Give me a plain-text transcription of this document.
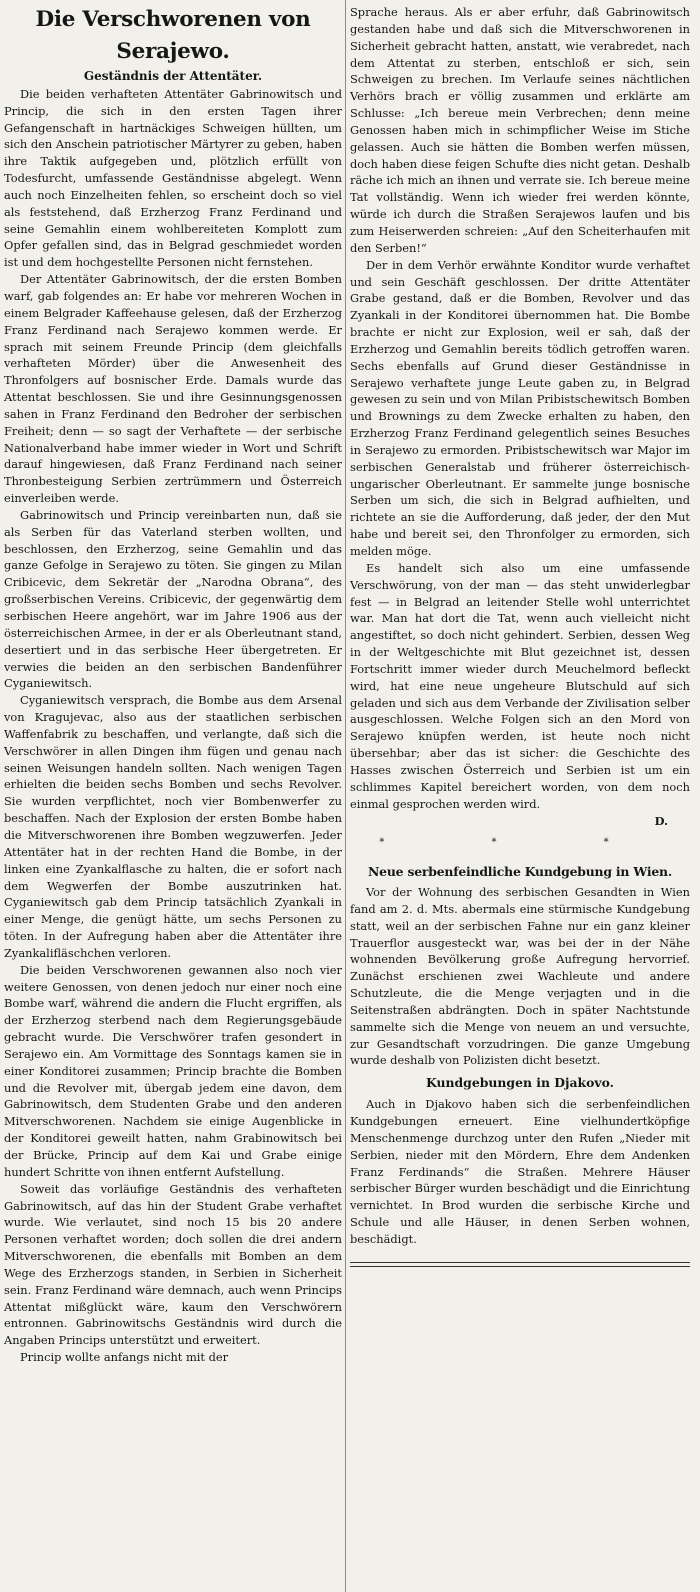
Die Verschworenen von Serajewo.
Geständnis der Attentäter.

Die beiden verhafteten Attentäter Gabrinowitsch und Princip, die sich in den ersten Tagen ihrer Gefangenschaft in hartnäckiges Schweigen hüllten, um sich den Anschein patriotischer Märtyrer zu geben, haben ihre Taktik aufgegeben und, plötzlich erfüllt von Todesfurcht, umfassende Geständnisse abgelegt. Wenn auch noch Einzelheiten fehlen, so erscheint doch so viel als feststehend, daß Erzherzog Franz Ferdinand und seine Gemahlin einem wohlbereiteten Komplott zum Opfer gefallen sind, das in Belgrad geschmiedet worden ist und dem hochgestellte Personen nicht fernstehen.

Der Attentäter Gabrinowitsch, der die ersten Bomben warf, gab folgendes an: Er habe vor mehreren Wochen in einem Belgrader Kaffeehause gelesen, daß der Erzherzog Franz Ferdinand nach Serajewo kommen werde. Er sprach mit seinem Freunde Princip (dem gleichfalls verhafteten Mörder) über die Anwesenheit des Thronfolgers auf bosnischer Erde. Damals wurde das Attentat beschlossen. Sie und ihre Gesinnungsgenossen sahen in Franz Ferdinand den Bedroher der serbischen Freiheit; denn — so sagt der Verhaftete — der serbische Nationalverband habe immer wieder in Wort und Schrift darauf hingewiesen, daß Franz Ferdinand nach seiner Thronbesteigung Serbien zertrümmern und Österreich einverleiben werde.

Gabrinowitsch und Princip vereinbarten nun, daß sie als Serben für das Vaterland sterben wollten, und beschlossen, den Erzherzog, seine Gemahlin und das ganze Gefolge in Serajewo zu töten. Sie gingen zu Milan Cribicevic, dem Sekretär der „Narodna Obrana“, des großserbischen Vereins. Cribicevic, der gegenwärtig dem serbischen Heere angehört, war im Jahre 1906 aus der österreichischen Armee, in der er als Oberleutnant stand, desertiert und in das serbische Heer übergetreten. Er verwies die beiden an den serbischen Bandenführer Cyganiewitsch.

Cyganiewitsch versprach, die Bombe aus dem Arsenal von Kragujevac, also aus der staatlichen serbischen Waffenfabrik zu beschaffen, und verlangte, daß sich die Verschwörer in allen Dingen ihm fügen und genau nach seinen Weisungen handeln sollten. Nach wenigen Tagen erhielten die beiden sechs Bomben und sechs Revolver. Sie wurden verpflichtet, noch vier Bombenwerfer zu beschaffen. Nach der Explosion der ersten Bombe haben die Mitverschworenen ihre Bomben wegzuwerfen. Jeder Attentäter hat in der rechten Hand die Bombe, in der linken eine Zyankalflasche zu halten, die er sofort nach dem Wegwerfen der Bombe auszutrinken hat. Cyganiewitsch gab dem Princip tatsächlich Zyankali in einer Menge, die genügt hätte, um sechs Personen zu töten. In der Aufregung haben aber die Attentäter ihre Zyankalifläschchen verloren.

Die beiden Verschworenen gewannen also noch vier weitere Genossen, von denen jedoch nur einer noch eine Bombe warf, während die andern die Flucht ergriffen, als der Erzherzog sterbend nach dem Regierungsgebäude gebracht wurde. Die Verschwörer trafen gesondert in Serajewo ein. Am Vormittage des Sonntags kamen sie in einer Konditorei zusammen; Princip brachte die Bomben und die Revolver mit, übergab jedem eine davon, dem Gabrinowitsch, dem Studenten Grabe und den anderen Mitverschworenen. Nachdem sie einige Augenblicke in der Konditorei geweilt hatten, nahm Grabinowitsch bei der Brücke, Princip auf dem Kai und Grabe einige hundert Schritte von ihnen entfernt Aufstellung.

Soweit das vorläufige Geständnis des verhafteten Gabrinowitsch, auf das hin der Student Grabe verhaftet wurde. Wie verlautet, sind noch 15 bis 20 andere Personen verhaftet worden; doch sollen die drei andern Mitverschworenen, die ebenfalls mit Bomben an dem Wege des Erzherzogs standen, in Serbien in Sicherheit sein. Franz Ferdinand wäre demnach, auch wenn Princips Attentat mißglückt wäre, kaum den Verschwörern entronnen. Gabrinowitschs Geständnis wird durch die Angaben Princips unterstützt und erweitert.

Princip wollte anfangs nicht mit der

Sprache heraus. Als er aber erfuhr, daß Gabrinowitsch gestanden habe und daß sich die Mitverschworenen in Sicherheit gebracht hatten, anstatt, wie verabredet, nach dem Attentat zu sterben, entschloß er sich, sein Schweigen zu brechen. Im Verlaufe seines nächtlichen Verhörs brach er völlig zusammen und erklärte am Schlusse: „Ich bereue mein Verbrechen; denn meine Genossen haben mich in schimpflicher Weise im Stiche gelassen. Auch sie hätten die Bomben werfen müssen, doch haben diese feigen Schufte dies nicht getan. Deshalb räche ich mich an ihnen und verrate sie. Ich bereue meine Tat vollständig. Wenn ich wieder frei werden könnte, würde ich durch die Straßen Serajewos laufen und bis zum Heiserwerden schreien: „Auf den Scheiterhaufen mit den Serben!“

Der in dem Verhör erwähnte Konditor wurde verhaftet und sein Geschäft geschlossen. Der dritte Attentäter Grabe gestand, daß er die Bomben, Revolver und das Zyankali in der Konditorei übernommen hat. Die Bombe brachte er nicht zur Explosion, weil er sah, daß der Erzherzog und Gemahlin bereits tödlich getroffen waren. Sechs ebenfalls auf Grund dieser Geständnisse in Serajewo verhaftete junge Leute gaben zu, in Belgrad gewesen zu sein und von Milan Pribistschewitsch Bomben und Brownings zu dem Zwecke erhalten zu haben, den Erzherzog Franz Ferdinand gelegentlich seines Besuches in Serajewo zu ermorden. Pribistschewitsch war Major im serbischen Generalstab und früherer österreichisch-ungarischer Oberleutnant. Er sammelte junge bosnische Serben um sich, die sich in Belgrad aufhielten, und richtete an sie die Aufforderung, daß jeder, der den Mut habe und bereit sei, den Thronfolger zu ermorden, sich melden möge.

Es handelt sich also um eine umfassende Verschwörung, von der man — das steht unwiderlegbar fest — in Belgrad an leitender Stelle wohl unterrichtet war. Man hat dort die Tat, wenn auch vielleicht nicht angestiftet, so doch nicht gehindert. Serbien, dessen Weg in der Weltgeschichte mit Blut gezeichnet ist, dessen Fortschritt immer wieder durch Meuchelmord befleckt wird, hat eine neue ungeheure Blutschuld auf sich geladen und sich aus dem Verbande der Zivilisation selber ausgeschlossen. Welche Folgen sich an den Mord von Serajewo knüpfen werden, ist heute noch nicht übersehbar; aber das ist sicher: die Geschichte des Hasses zwischen Österreich und Serbien ist um ein schlimmes Kapitel bereichert worden, von dem noch einmal gesprochen werden wird.

D.
* * *
Neue serbenfeindliche Kundgebung in Wien.

Vor der Wohnung des serbischen Gesandten in Wien fand am 2. d. Mts. abermals eine stürmische Kundgebung statt, weil an der serbischen Fahne nur ein ganz kleiner Trauerflor ausgesteckt war, was bei der in der Nähe wohnenden Bevölkerung große Aufregung hervorrief. Zunächst erschienen zwei Wachleute und andere Schutzleute, die die Menge verjagten und in die Seitenstraßen abdrängten. Doch in später Nachtstunde sammelte sich die Menge von neuem an und versuchte, zur Gesandtschaft vorzudringen. Die ganze Umgebung wurde deshalb von Polizisten dicht besetzt.

Kundgebungen in Djakovo.

Auch in Djakovo haben sich die serbenfeindlichen Kundgebungen erneuert. Eine vielhundertköpfige Menschenmenge durchzog unter den Rufen „Nieder mit Serbien, nieder mit den Mördern, Ehre dem Andenken Franz Ferdinands“ die Straßen. Mehrere Häuser serbischer Bürger wurden beschädigt und die Einrichtung vernichtet. In Brod wurden die serbische Kirche und Schule und alle Häuser, in denen Serben wohnen, beschädigt.
